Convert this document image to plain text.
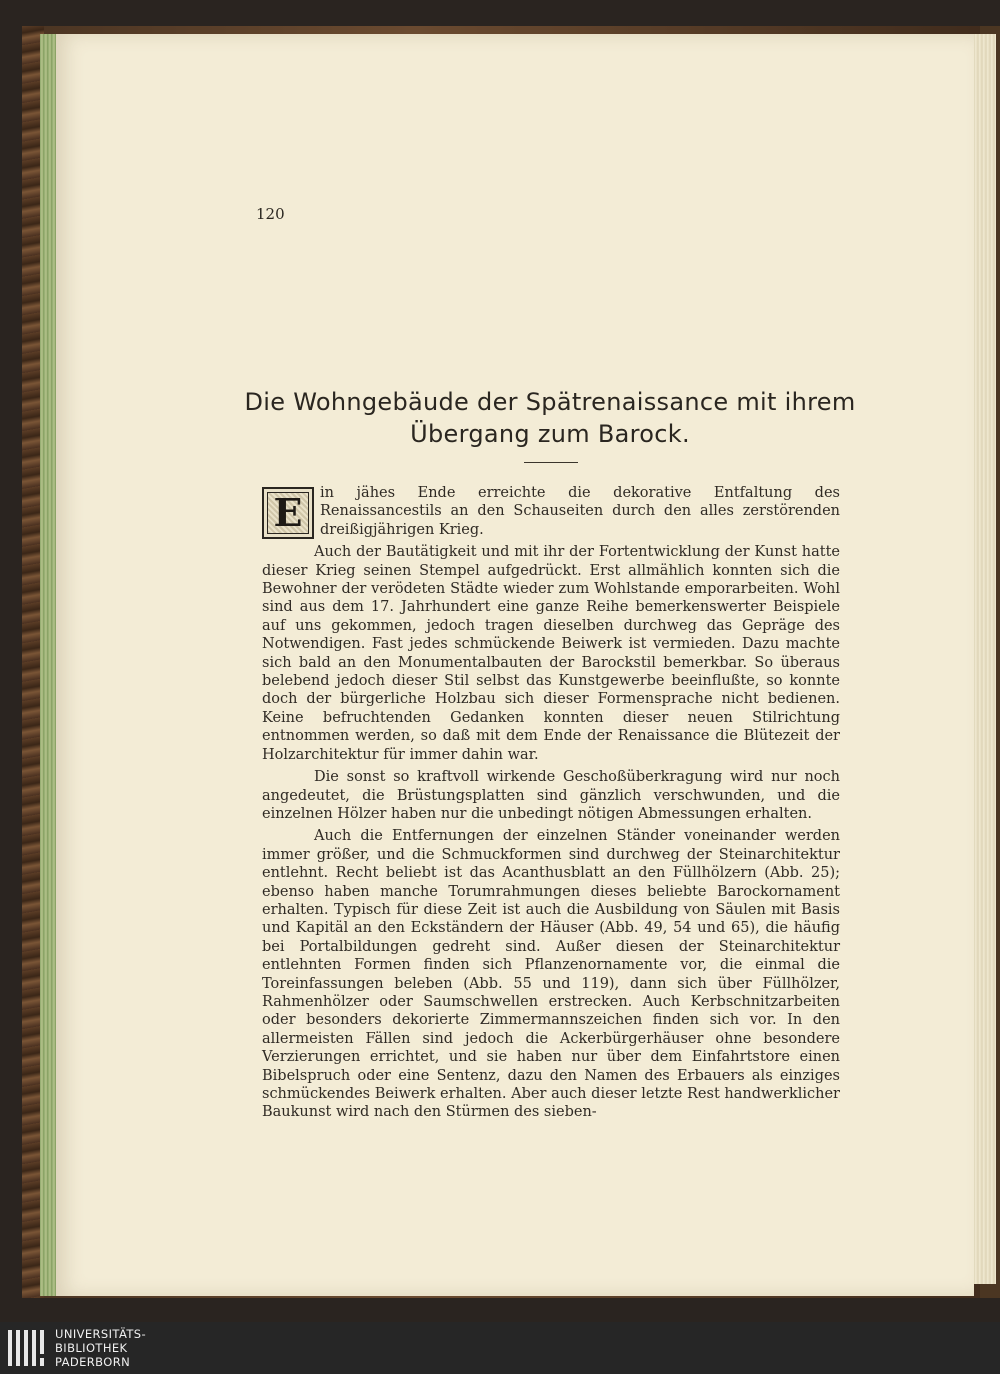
120
Die Wohngebäude der Spätrenaissance mit ihrem
Übergang zum Barock.

E	in jähes Ende erreichte die dekorative Entfaltung des Renaissancestils an den Schauseiten durch den alles zerstörenden dreißigjährigen Krieg.

Auch der Bautätigkeit und mit ihr der Fortentwicklung der Kunst hatte dieser Krieg seinen Stempel aufgedrückt. Erst allmählich konnten sich die Bewohner der verödeten Städte wieder zum Wohlstande emporarbeiten. Wohl sind aus dem 17. Jahrhundert eine ganze Reihe bemerkenswerter Beispiele auf uns gekommen, jedoch tragen dieselben durchweg das Gepräge des Notwendigen. Fast jedes schmückende Beiwerk ist vermieden. Dazu machte sich bald an den Monumentalbauten der Barockstil bemerkbar. So überaus belebend jedoch dieser Stil selbst das Kunstgewerbe beeinflußte, so konnte doch der bürgerliche Holzbau sich dieser Formensprache nicht bedienen. Keine befruchtenden Gedanken konnten dieser neuen Stilrichtung entnommen werden, so daß mit dem Ende der Renaissance die Blütezeit der Holzarchitektur für immer dahin war.

Die sonst so kraftvoll wirkende Geschoßüberkragung wird nur noch angedeutet, die Brüstungsplatten sind gänzlich verschwunden, und die einzelnen Hölzer haben nur die unbedingt nötigen Abmessungen erhalten.

Auch die Entfernungen der einzelnen Ständer voneinander werden immer größer, und die Schmuckformen sind durchweg der Steinarchitektur entlehnt. Recht beliebt ist das Acanthusblatt an den Füllhölzern (Abb. 25); ebenso haben manche Torumrahmungen dieses beliebte Barockornament erhalten. Typisch für diese Zeit ist auch die Ausbildung von Säulen mit Basis und Kapitäl an den Eckständern der Häuser (Abb. 49, 54 und 65), die häufig bei Portalbildungen gedreht sind. Außer diesen der Steinarchitektur entlehnten Formen finden sich Pflanzenornamente vor, die einmal die Toreinfassungen beleben (Abb. 55 und 119), dann sich über Füllhölzer, Rahmenhölzer oder Saumschwellen erstrecken. Auch Kerbschnitzarbeiten oder besonders dekorierte Zimmermannszeichen finden sich vor. In den allermeisten Fällen sind jedoch die Ackerbürgerhäuser ohne besondere Verzierungen errichtet, und sie haben nur über dem Einfahrtstore einen Bibelspruch oder eine Sentenz, dazu den Namen des Erbauers als einziges schmückendes Beiwerk erhalten. Aber auch dieser letzte Rest handwerklicher Baukunst wird nach den Stürmen des sieben-

UNIVERSITÄTS-
BIBLIOTHEK
PADERBORN
